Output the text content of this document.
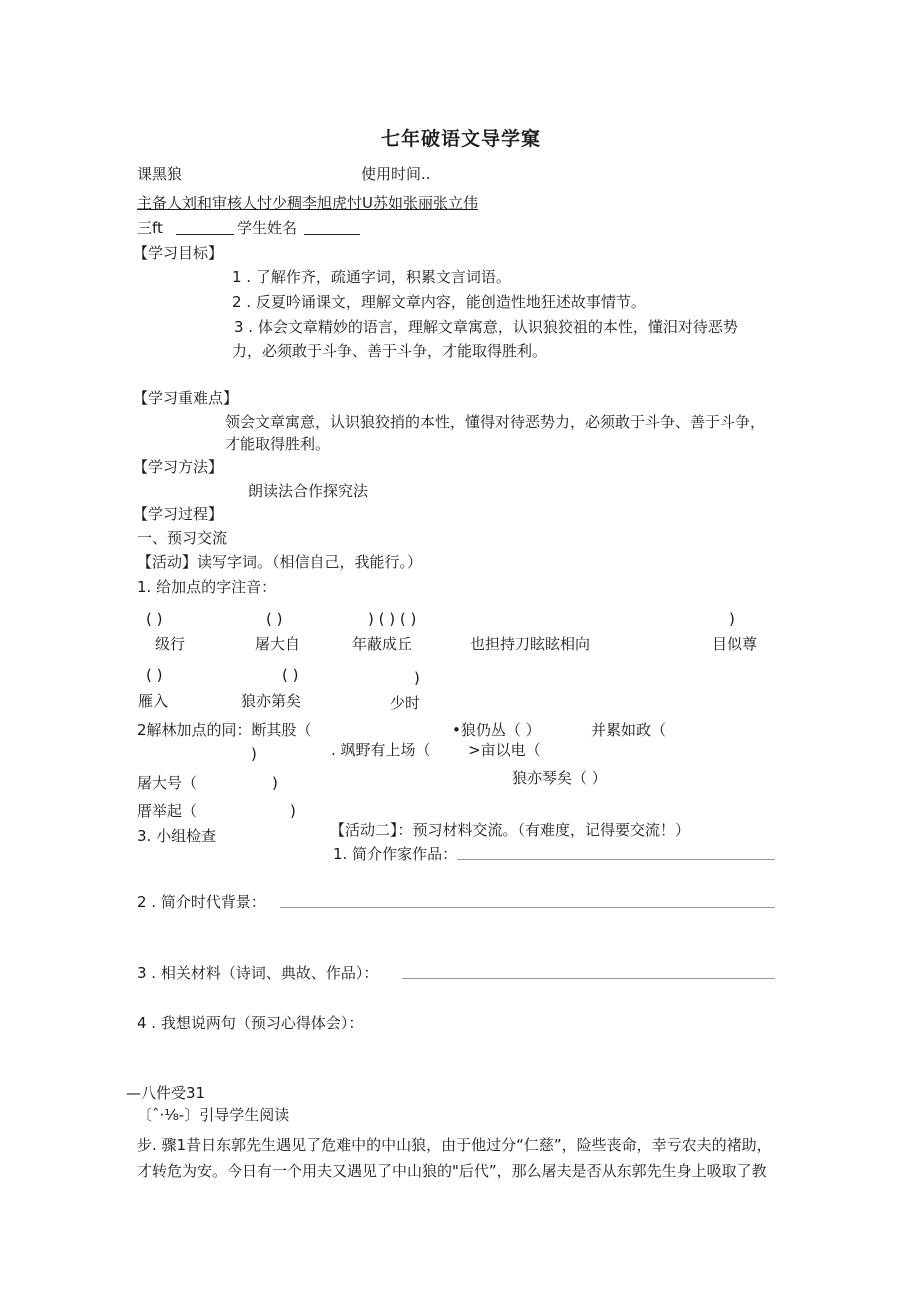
七年破语文导学窠
课黑狼	使用时间..
主备人刘和审核人忖少稠李旭虎忖U苏如张丽张立伟
三ft	学生姓名
【学习目标】
1 . 了解作齐，疏通字词，积累文言词语。
2 . 反夏吟诵课文，理解文章内容，能创造性地狂述故事情节。
3 . 体会文章精妙的语言，理解文章寓意，认识狼狡祖的本性，懂汨对待恶势
力，必须敢于斗争、善于斗争，才能取得胜利。
【学习重难点】
领会文章寓意，认识狼狡捎的本性，懂得对待恶势力，必须敢于斗争、善于斗争，
才能取得胜利。
【学习方法】
朗读法合作探究法
【学习过程】
一、预习交流
【活动】读写字词。（相信自己，我能行。）
1. 给加点的字注音：
( )	( )	) ( ) ( )	)
级行	屠大自	年蔽成丘	也担持刀眩眩相向	目似尊
( )	( )	)
雁入	狼亦第矣	少时
2解林加点的同：断其股（	•狼仍丛（ ）	并累如政（
)	. 飒野有上场（ >亩以电（
狼亦琴矣（ ）
屠大号（	)
厝举起（	)
3. 小组检查	【活动二】：预习材料交流。（有难度，记得要交流！）
1. 简介作家作品：
2 . 简介时代背景：
3 . 相关材料（诗词、典故、作品）：
4 . 我想说两句（预习心得体会）：
—八件受31
〔ˆ·⅛-〕引导学生阅读
步. 骤1昔日东郭先生遇见了危难中的中山狼，由于他过分“仁慈”，险些丧命，幸亏农夫的褚助，
才转危为安。今日有一个用夫又遇见了中山狼的"后代”，那么屠夫是否从东郭先生身上吸取了教
